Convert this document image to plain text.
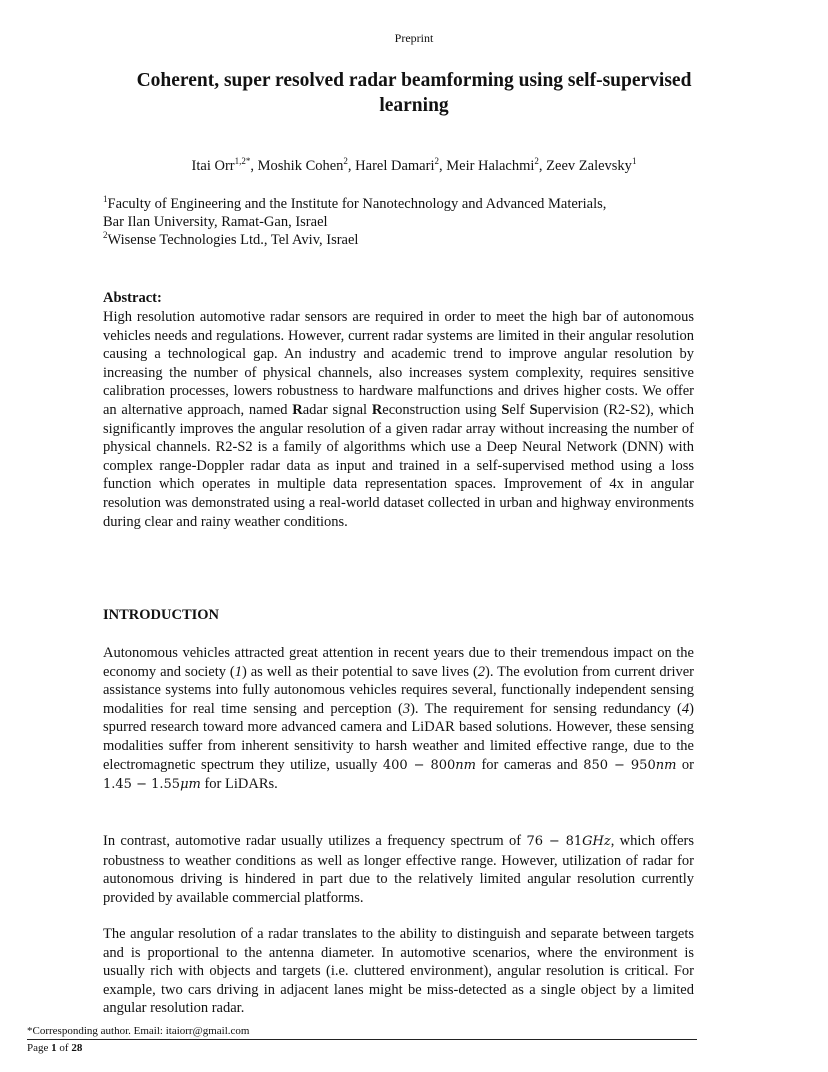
Preprint
Coherent, super resolved radar beamforming using self-supervised learning
Itai Orr$^{1,2*}$, Moshik Cohen$^2$, Harel Damari$^2$, Meir Halachmi$^2$, Zeev Zalevsky$^1$
$^1$Faculty of Engineering and the Institute for Nanotechnology and Advanced Materials,
Bar Ilan University, Ramat-Gan, Israel
$^2$Wisense Technologies Ltd., Tel Aviv, Israel
Abstract:
High resolution automotive radar sensors are required in order to meet the high bar of autonomous vehicles needs and regulations. However, current radar systems are limited in their angular resolution causing a technological gap. An industry and academic trend to improve angular resolution by increasing the number of physical channels, also increases system complexity, requires sensitive calibration processes, lowers robustness to hardware malfunctions and drives higher costs. We offer an alternative approach, named Radar signal Reconstruction using Self Supervision (R2-S2), which significantly improves the angular resolution of a given radar array without increasing the number of physical channels. R2-S2 is a family of algorithms which use a Deep Neural Network (DNN) with complex range-Doppler radar data as input and trained in a self-supervised method using a loss function which operates in multiple data representation spaces. Improvement of 4x in angular resolution was demonstrated using a real-world dataset collected in urban and highway environments during clear and rainy weather conditions.
INTRODUCTION
Autonomous vehicles attracted great attention in recent years due to their tremendous impact on the economy and society (1) as well as their potential to save lives (2). The evolution from current driver assistance systems into fully autonomous vehicles requires several, functionally independent sensing modalities for real time sensing and perception (3). The requirement for sensing redundancy (4) spurred research toward more advanced camera and LiDAR based solutions. However, these sensing modalities suffer from inherent sensitivity to harsh weather and limited effective range, due to the electromagnetic spectrum they utilize, usually 400 − 800nm for cameras and 850 − 950nm or 1.45 − 1.55μm for LiDARs.
In contrast, automotive radar usually utilizes a frequency spectrum of 76 − 81GHz, which offers robustness to weather conditions as well as longer effective range. However, utilization of radar for autonomous driving is hindered in part due to the relatively limited angular resolution currently provided by available commercial platforms.
The angular resolution of a radar translates to the ability to distinguish and separate between targets and is proportional to the antenna diameter. In automotive scenarios, where the environment is usually rich with objects and targets (i.e. cluttered environment), angular resolution is critical. For example, two cars driving in adjacent lanes might be miss-detected as a single object by a limited angular resolution radar.
*Corresponding author. Email: itaiorr@gmail.com
Page 1 of 28
